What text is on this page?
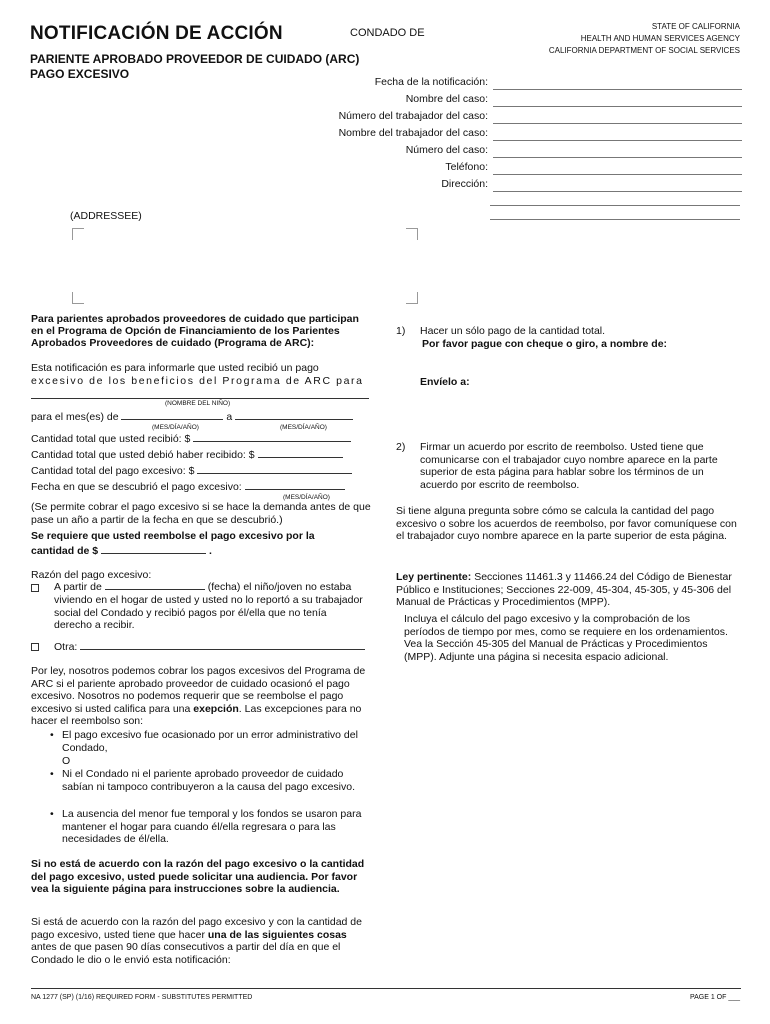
NOTIFICACIÓN DE ACCIÓN	CONDADO DE
STATE OF CALIFORNIA
HEALTH AND HUMAN SERVICES AGENCY
CALIFORNIA DEPARTMENT OF SOCIAL SERVICES
PARIENTE APROBADO PROVEEDOR DE CUIDADO (ARC)
PAGO EXCESIVO
Fecha de la notificación:
Nombre del caso:
Número del trabajador del caso:
Nombre del trabajador del caso:
Número del caso:
Teléfono:
Dirección:
(ADDRESSEE)
Para parientes aprobados proveedores de cuidado que participan en el Programa de Opción de Financiamiento de los Parientes Aprobados Proveedores de cuidado (Programa de ARC):
Esta notificación es para informarle que usted recibió un pago
excesivo de los beneficios del Programa de ARC para
(NOMBRE DEL NIÑO)
para el mes(es) de	a
(MES/DÍA/AÑO)	(MES/DÍA/AÑO)
Cantidad total que usted recibió: $
Cantidad total que usted debió haber recibido: $
Cantidad total del pago excesivo: $
Fecha en que se descubrió el pago excesivo:
(MES/DÍA/AÑO)
(Se permite cobrar el pago excesivo si se hace la demanda antes de que pase un año a partir de la fecha en que se descubrió.)
Se requiere que usted reembolse el pago excesivo por la
cantidad de $	.
Razón del pago excesivo:
A partir de	(fecha) el niño/joven no estaba
viviendo en el hogar de usted y usted no lo reportó a su trabajador social del Condado y recibió pagos por él/ella que no tenía derecho a recibir.
Otra:
Por ley, nosotros podemos cobrar los pagos excesivos del Programa de ARC si el pariente aprobado proveedor de cuidado ocasionó el pago excesivo. Nosotros no podemos requerir que se reembolse el pago excesivo si usted califica para una exepción. Las excepciones para no hacer el reembolso son:
• El pago excesivo fue ocasionado por un error administrativo del Condado,
O
• Ni el Condado ni el pariente aprobado proveedor de cuidado sabían ni tampoco contribuyeron a la causa del pago excesivo.
• La ausencia del menor fue temporal y los fondos se usaron para mantener el hogar para cuando él/ella regresara o para las necesidades de él/ella.
Si no está de acuerdo con la razón del pago excesivo o la cantidad del pago excesivo, usted puede solicitar una audiencia. Por favor vea la siguiente página para instrucciones sobre la audiencia.
Si está de acuerdo con la razón del pago excesivo y con la cantidad de pago excesivo, usted tiene que hacer una de las siguientes cosas antes de que pasen 90 días consecutivos a partir del día en que el Condado le dio o le envió esta notificación:
1) Hacer un sólo pago de la cantidad total.
Por favor pague con cheque o giro, a nombre de:
Envíelo a:
2) Firmar un acuerdo por escrito de reembolso. Usted tiene que comunicarse con el trabajador cuyo nombre aparece en la parte superior de esta página para hablar sobre los términos de un acuerdo por escrito de reembolso.
Si tiene alguna pregunta sobre cómo se calcula la cantidad del pago excesivo o sobre los acuerdos de reembolso, por favor comuníquese con el trabajador cuyo nombre aparece en la parte superior de esta página.
Ley pertinente: Secciones 11461.3 y 11466.24 del Código de Bienestar Público e Instituciones; Secciones 22-009, 45-304, 45-305, y 45-306 del Manual de Prácticas y Procedimientos (MPP).
Incluya el cálculo del pago excesivo y la comprobación de los períodos de tiempo por mes, como se requiere en los ordenamientos. Vea la Sección 45-305 del Manual de Prácticas y Procedimientos (MPP). Adjunte una página si necesita espacio adicional.
NA 1277 (SP) (1/16) REQUIRED FORM - SUBSTITUTES PERMITTED	PAGE 1 OF ___
